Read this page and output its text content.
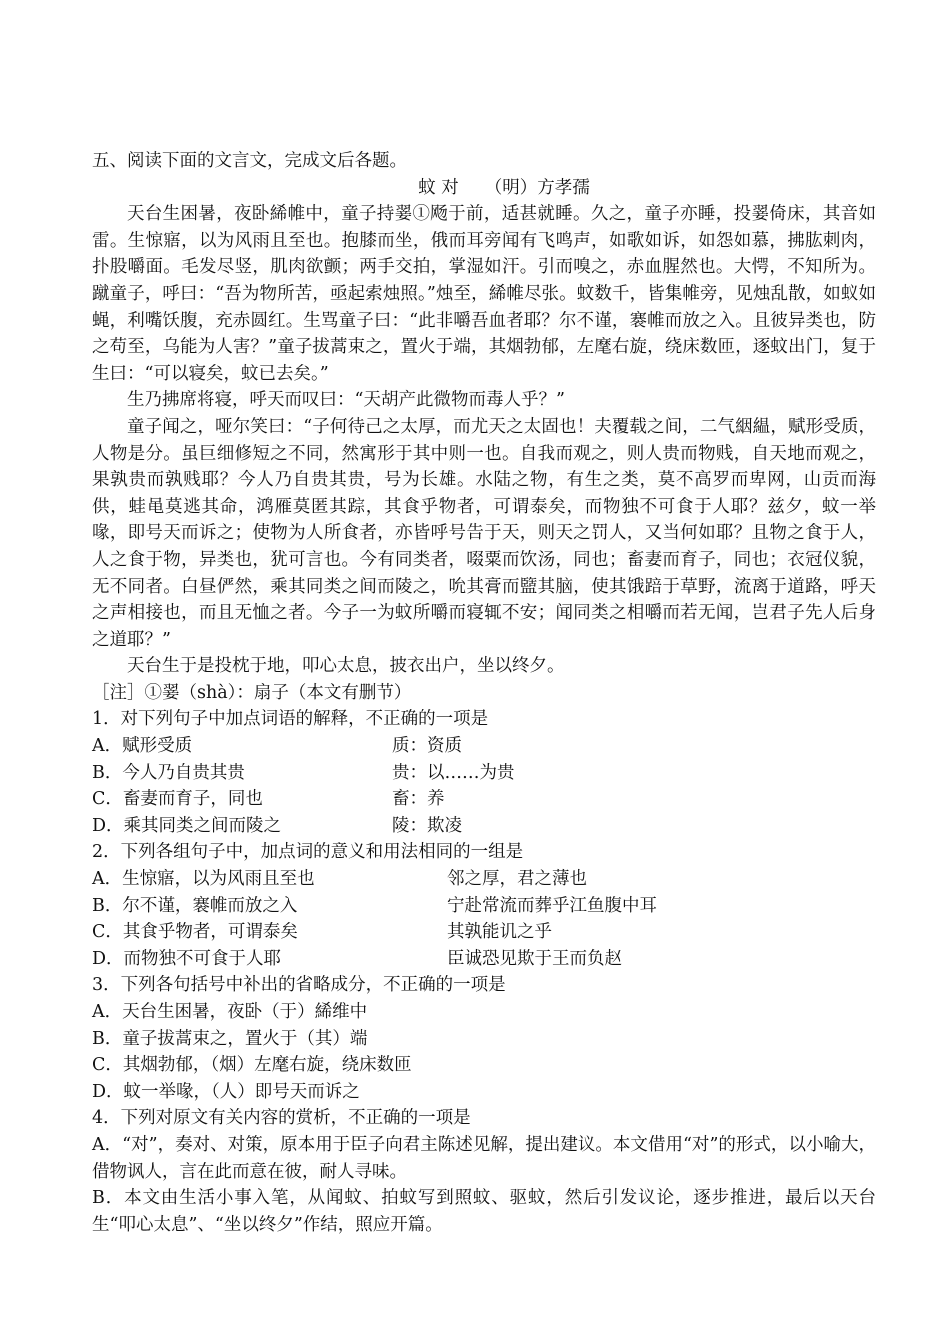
五、阅读下面的文言文，完成文后各题。
蚊 对 （明）方孝孺
天台生困暑，夜卧絺帷中，童子持翣①飏于前，适甚就睡。久之，童子亦睡，投翣倚床，其音如雷。生惊寤，以为风雨且至也。抱膝而坐，俄而耳旁闻有飞鸣声，如歌如诉，如怨如慕，拂肱刺肉，扑股嚼面。毛发尽竖，肌肉欲颤；两手交拍，掌湿如汗。引而嗅之，赤血腥然也。大愕，不知所为。蹴童子，呼曰：“吾为物所苦，亟起索烛照。”烛至，絺帷尽张。蚊数千，皆集帷旁，见烛乱散，如蚁如蝇，利嘴饫腹，充赤圆红。生骂童子曰：“此非嚼吾血者耶？尔不谨，褰帷而放之入。且彼异类也，防之苟至，乌能为人害？”童子拔蒿束之，置火于端，其烟勃郁，左麾右旋，绕床数匝，逐蚊出门，复于生曰：“可以寝矣，蚊已去矣。”
生乃拂席将寝，呼天而叹曰：“天胡产此微物而毒人乎？”
童子闻之，哑尔笑曰：“子何待己之太厚，而尤天之太固也！夫覆载之间，二气絪緼，赋形受质，人物是分。虽巨细修短之不同，然寓形于其中则一也。自我而观之，则人贵而物贱，自天地而观之，果孰贵而孰贱耶？今人乃自贵其贵，号为长雄。水陆之物，有生之类，莫不高罗而卑网，山贡而海供，蛙黾莫逃其命，鸿雁莫匿其踪，其食乎物者，可谓泰矣，而物独不可食于人耶？兹夕，蚊一举喙，即号天而诉之；使物为人所食者，亦皆呼号告于天，则天之罚人，又当何如耶？且物之食于人，人之食于物，异类也，犹可言也。今有同类者，啜粟而饮汤，同也；畜妻而育子，同也；衣冠仪貌，无不同者。白昼俨然，乘其同类之间而陵之，吮其膏而盬其脑，使其饿踣于草野，流离于道路，呼天之声相接也，而且无恤之者。今子一为蚊所嚼而寝辄不安；闻同类之相嚼而若无闻，岂君子先人后身之道耶？”
天台生于是投枕于地，叩心太息，披衣出户，坐以终夕。
［注］①翣（shà）：扇子（本文有删节）
1．对下列句子中加点词语的解释，不正确的一项是
A．赋形受质	质：资质
B．今人乃自贵其贵	贵：以……为贵
C．畜妻而育子，同也	畜：养
D．乘其同类之间而陵之	陵：欺凌
2．下列各组句子中，加点词的意义和用法相同的一组是
A．生惊寤，以为风雨且至也	邻之厚，君之薄也
B．尔不谨，褰帷而放之入	宁赴常流而葬乎江鱼腹中耳
C．其食乎物者，可谓泰矣	其孰能讥之乎
D．而物独不可食于人耶	臣诚恐见欺于王而负赵
3．下列各句括号中补出的省略成分，不正确的一项是
A．天台生困暑，夜卧（于）絺维中
B．童子拔蒿束之，置火于（其）端
C．其烟勃郁，（烟）左麾右旋，绕床数匝
D．蚊一举喙，（人）即号天而诉之
4．下列对原文有关内容的赏析，不正确的一项是
A．“对”，奏对、对策，原本用于臣子向君主陈述见解，提出建议。本文借用“对”的形式，以小喻大，借物讽人，言在此而意在彼，耐人寻味。
B．本文由生活小事入笔，从闻蚊、拍蚊写到照蚊、驱蚊，然后引发议论，逐步推进，最后以天台生“叩心太息”、“坐以终夕”作结，照应开篇。
